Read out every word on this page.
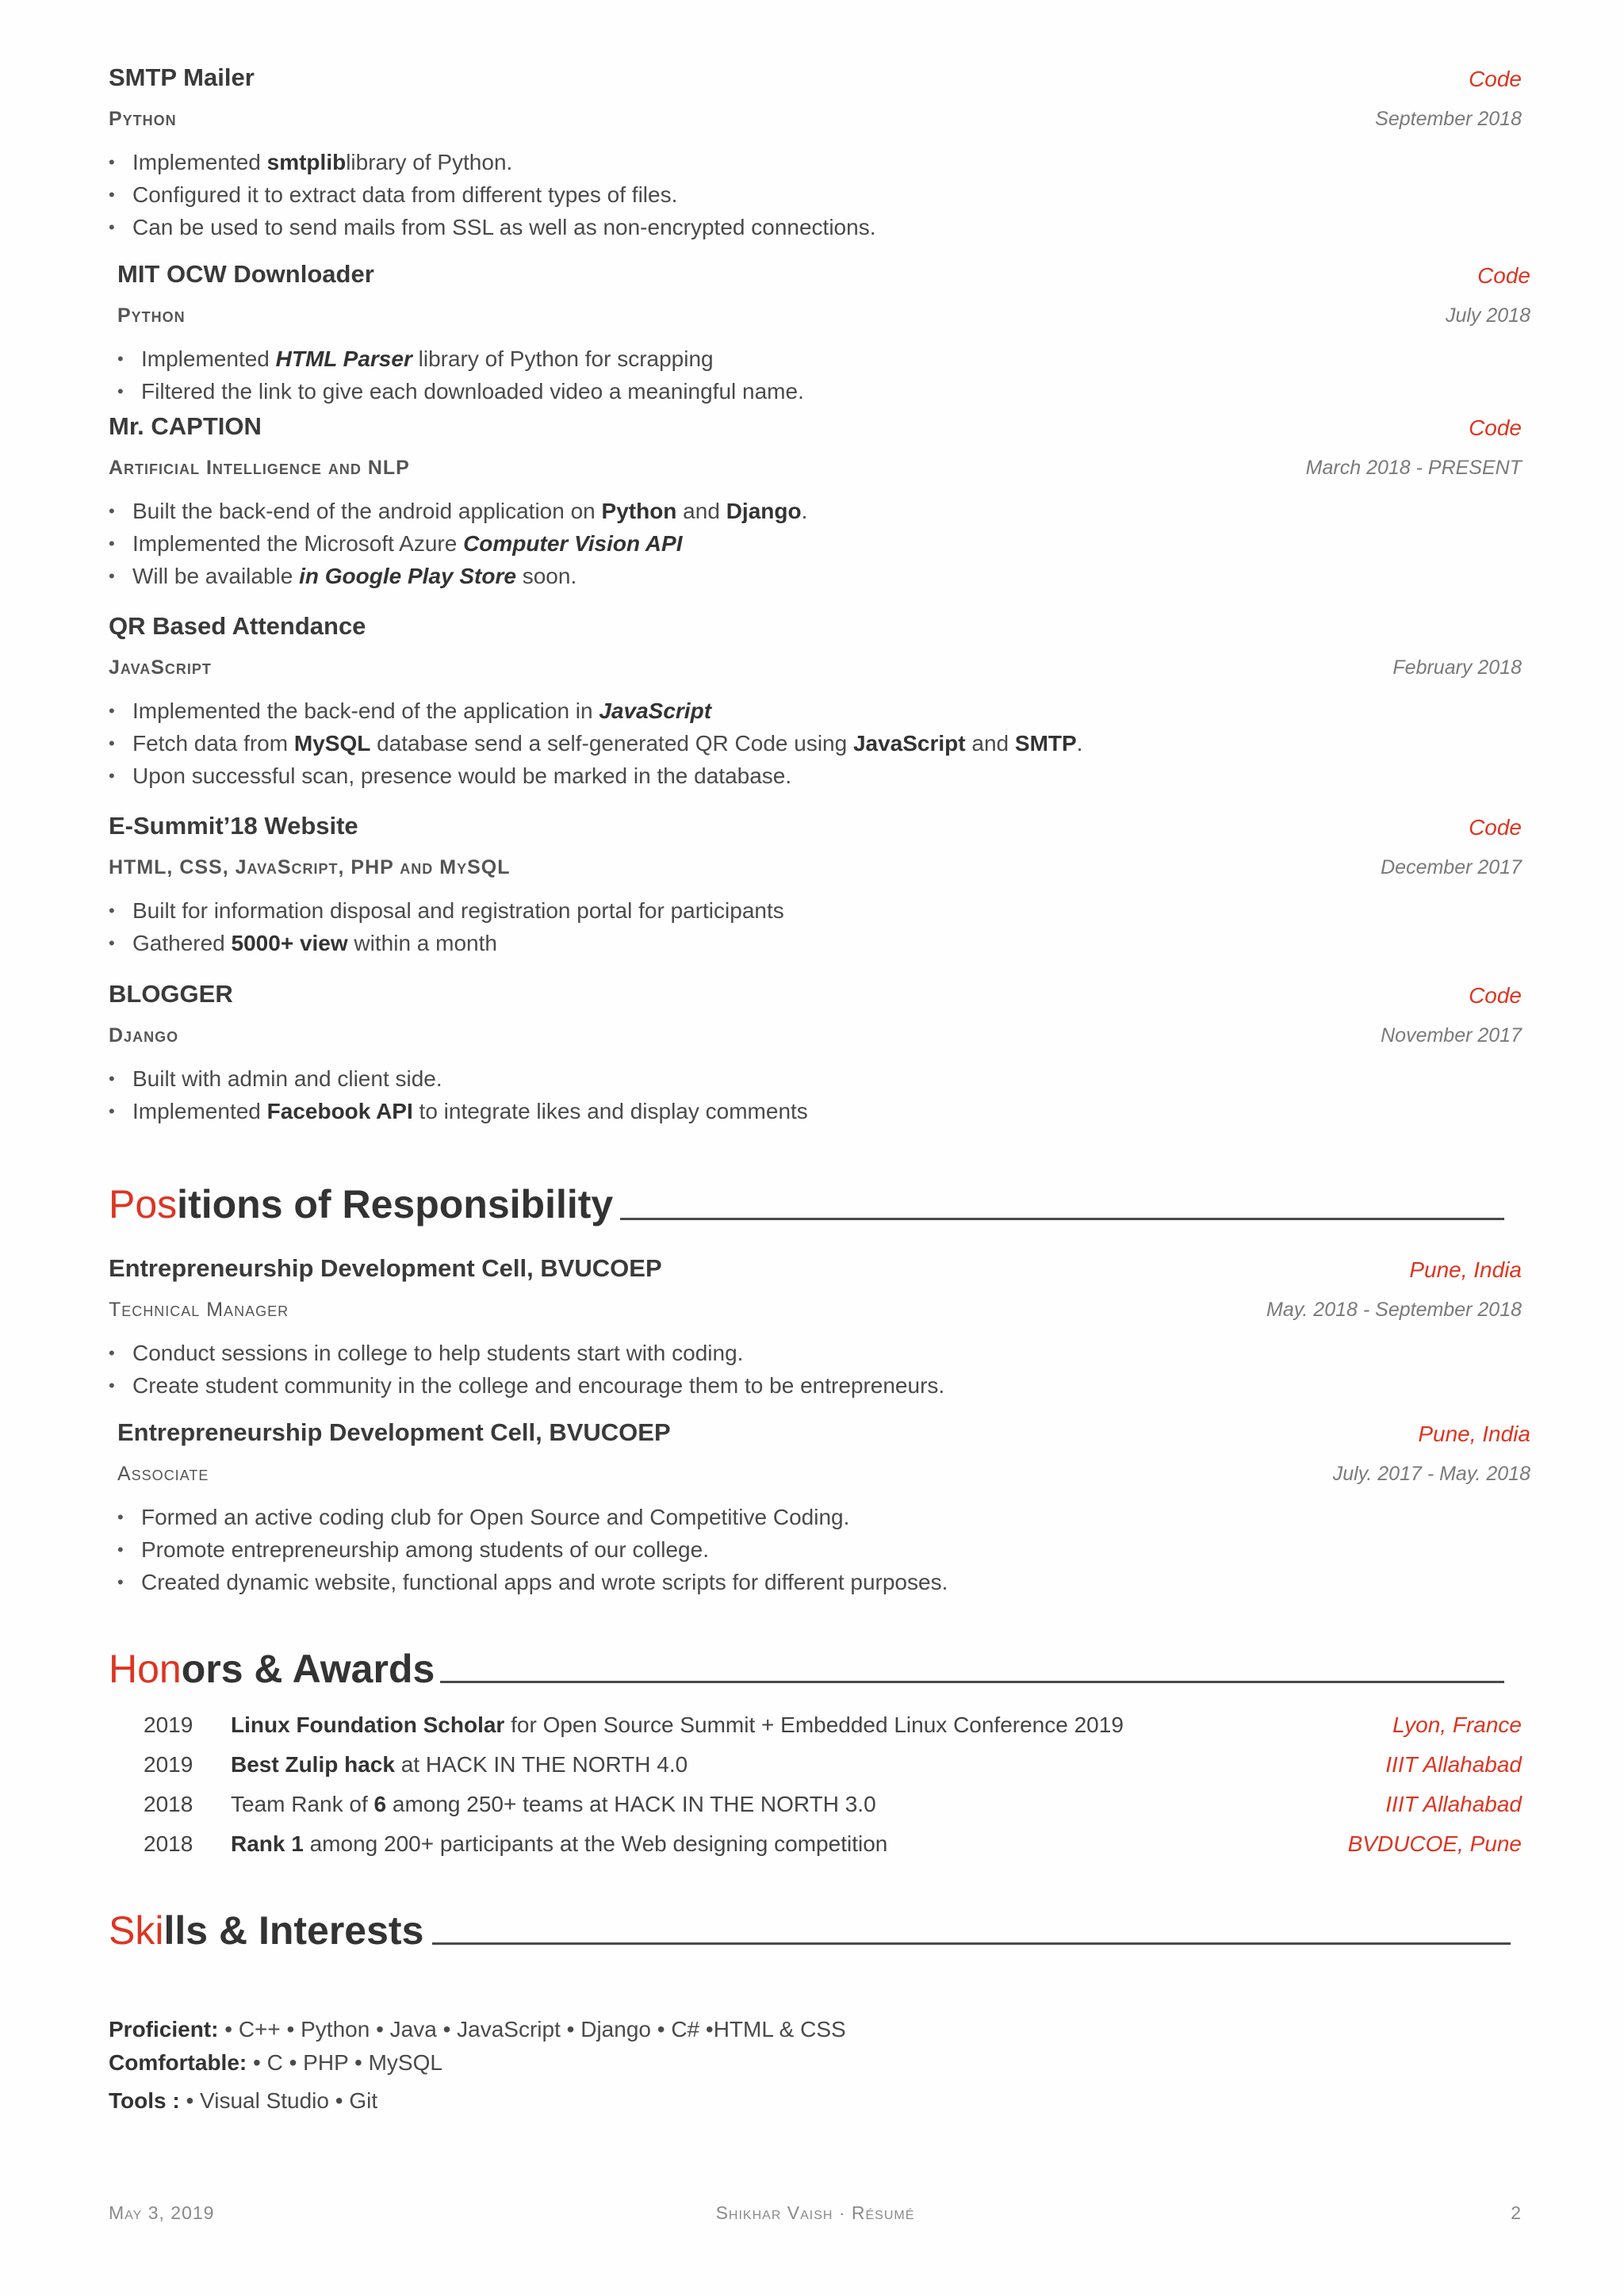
SMTP Mailer	Code
Python	September 2018
• Implemented smtpliblibrary of Python.
• Configured it to extract data from different types of files.
• Can be used to send mails from SSL as well as non-encrypted connections.
MIT OCW Downloader	Code
Python	July 2018
• Implemented HTML Parser library of Python for scrapping
• Filtered the link to give each downloaded video a meaningful name.
Mr. CAPTION	Code
Artificial Intelligence and NLP	March 2018 - PRESENT
• Built the back-end of the android application on Python and Django.
• Implemented the Microsoft Azure Computer Vision API
• Will be available in Google Play Store soon.
QR Based Attendance
JavaScript	February 2018
• Implemented the back-end of the application in JavaScript
• Fetch data from MySQL database send a self-generated QR Code using JavaScript and SMTP.
• Upon successful scan, presence would be marked in the database.
E-Summit’18 Website	Code
HTML, CSS, JavaScript, PHP and MySQL	December 2017
• Built for information disposal and registration portal for participants
• Gathered 5000+ view within a month
BLOGGER	Code
Django	November 2017
• Built with admin and client side.
• Implemented Facebook API to integrate likes and display comments
Positions of Responsibility
Entrepreneurship Development Cell, BVUCOEP	Pune, India
Technical Manager	May. 2018 - September 2018
• Conduct sessions in college to help students start with coding.
• Create student community in the college and encourage them to be entrepreneurs.
Entrepreneurship Development Cell, BVUCOEP	Pune, India
Associate	July. 2017 - May. 2018
• Formed an active coding club for Open Source and Competitive Coding.
• Promote entrepreneurship among students of our college.
• Created dynamic website, functional apps and wrote scripts for different purposes.
Honors & Awards
2019 Linux Foundation Scholar for Open Source Summit + Embedded Linux Conference 2019	Lyon, France
2019 Best Zulip hack at HACK IN THE NORTH 4.0	IIIT Allahabad
2018 Team Rank of 6 among 250+ teams at HACK IN THE NORTH 3.0	IIIT Allahabad
2018 Rank 1 among 200+ participants at the Web designing competition	BVDUCOE, Pune
Skills & Interests
Proficient: • C++ • Python • Java • JavaScript • Django • C# •HTML & CSS
Comfortable: • C • PHP • MySQL
Tools : • Visual Studio • Git
May 3, 2019	Shikhar Vaish · Résumé	2
